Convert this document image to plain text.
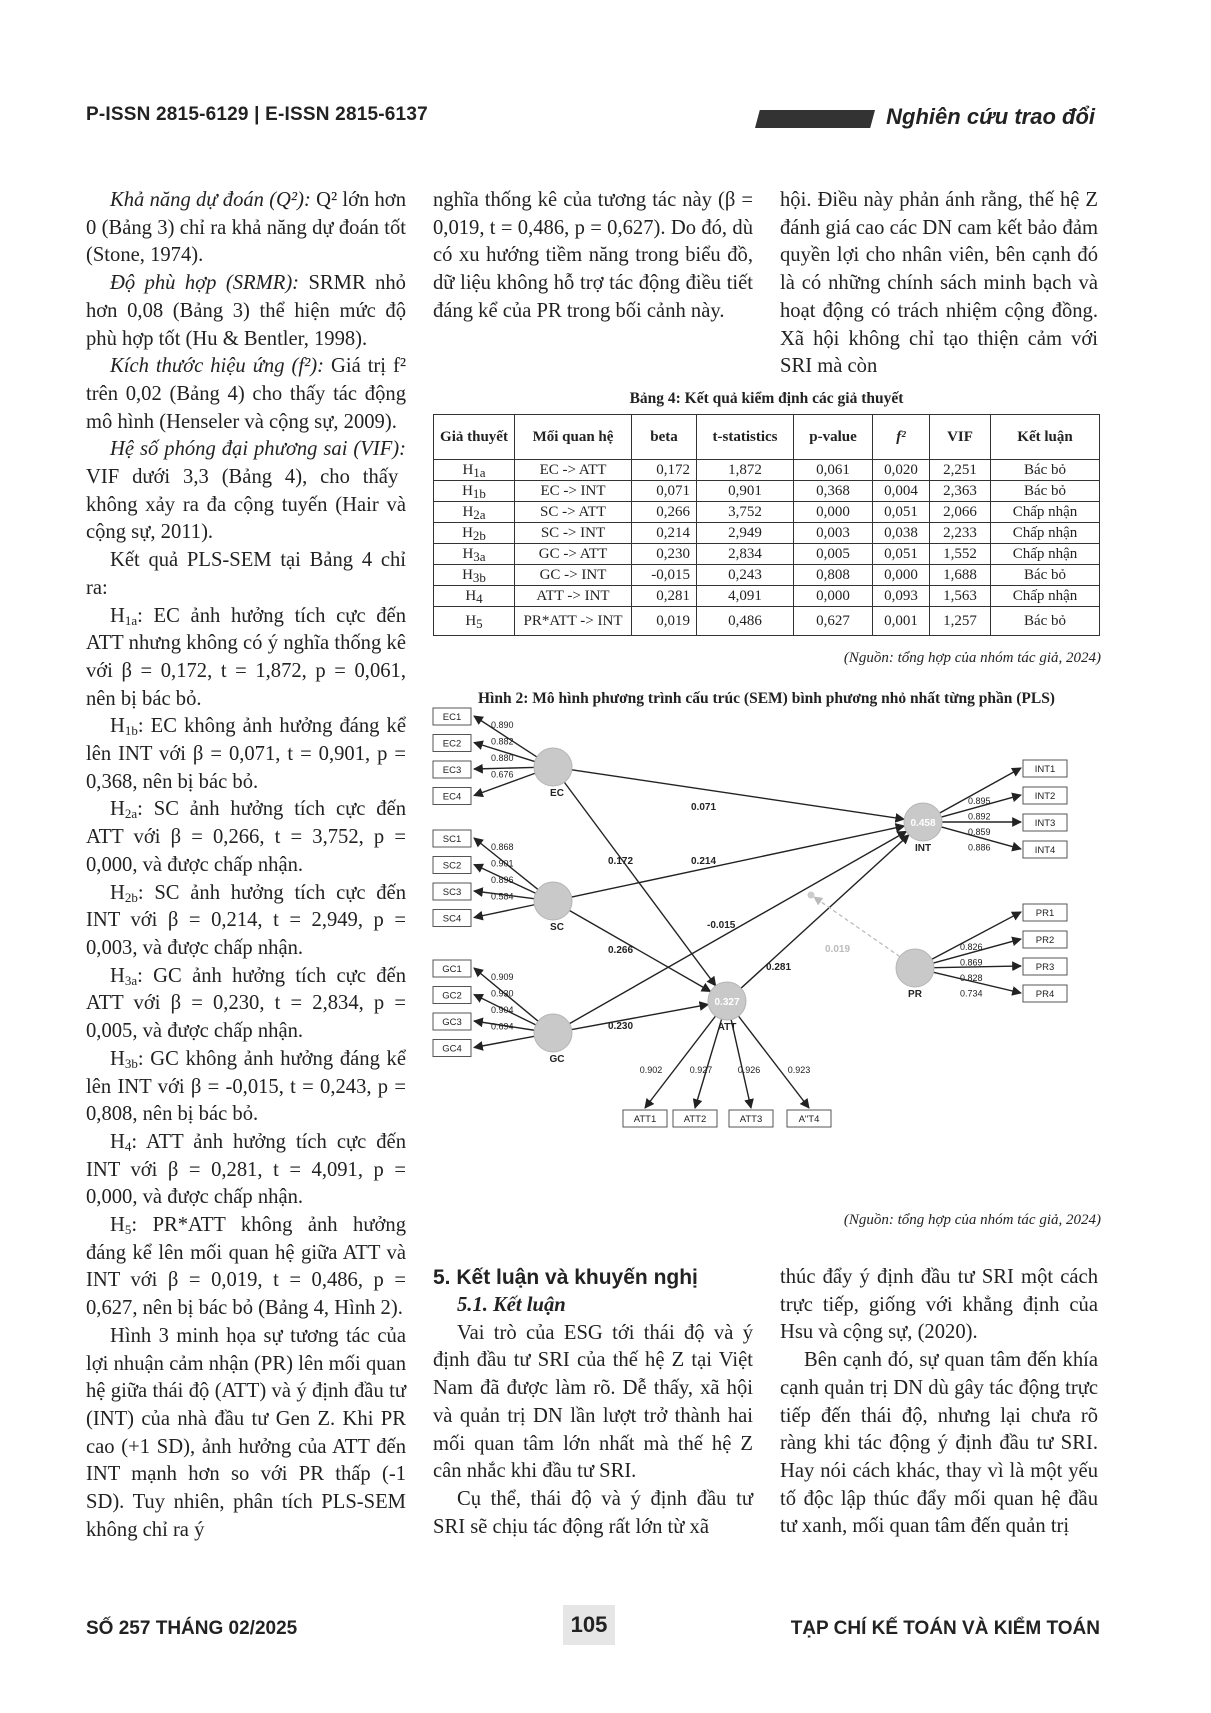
P-ISSN 2815-6129 | E-ISSN 2815-6137	Nghiên cứu trao đổi

Khả năng dự đoán (Q²): Q² lớn hơn 0 (Bảng 3) chỉ ra khả năng dự đoán tốt (Stone, 1974).

Độ phù hợp (SRMR): SRMR nhỏ hơn 0,08 (Bảng 3) thể hiện mức độ phù hợp tốt (Hu & Bentler, 1998).

Kích thước hiệu ứng (f²): Giá trị f² trên 0,02 (Bảng 4) cho thấy tác động mô hình (Henseler và cộng sự, 2009).

Hệ số phóng đại phương sai (VIF): VIF dưới 3,3 (Bảng 4), cho thấy không xảy ra đa cộng tuyến (Hair và cộng sự, 2011).

Kết quả PLS-SEM tại Bảng 4 chỉ ra:

$H_{1a}$: EC ảnh hưởng tích cực đến ATT nhưng không có ý nghĩa thống kê với β = 0,172, t = 1,872, p = 0,061, nên bị bác bỏ.

$H_{1b}$: EC không ảnh hưởng đáng kể lên INT với β = 0,071, t = 0,901, p = 0,368, nên bị bác bỏ.

$H_{2a}$: SC ảnh hưởng tích cực đến ATT với β = 0,266, t = 3,752, p = 0,000, và được chấp nhận.

$H_{2b}$: SC ảnh hưởng tích cực đến INT với β = 0,214, t = 2,949, p = 0,003, và được chấp nhận.

$H_{3a}$: GC ảnh hưởng tích cực đến ATT với β = 0,230, t = 2,834, p = 0,005, và được chấp nhận.

$H_{3b}$: GC không ảnh hưởng đáng kể lên INT với β = -0,015, t = 0,243, p = 0,808, nên bị bác bỏ.

$H_4$: ATT ảnh hưởng tích cực đến INT với β = 0,281, t = 4,091, p = 0,000, và được chấp nhận.

$H_5$: PR*ATT không ảnh hưởng đáng kể lên mối quan hệ giữa ATT và INT với β = 0,019, t = 0,486, p = 0,627, nên bị bác bỏ (Bảng 4, Hình 2).

Hình 3 minh họa sự tương tác của lợi nhuận cảm nhận (PR) lên mối quan hệ giữa thái độ (ATT) và ý định đầu tư (INT) của nhà đầu tư Gen Z. Khi PR cao (+1 SD), ảnh hưởng của ATT đến INT mạnh hơn so với PR thấp (-1 SD). Tuy nhiên, phân tích PLS-SEM không chỉ ra ý

nghĩa thống kê của tương tác này (β = 0,019, t = 0,486, p = 0,627). Do đó, dù có xu hướng tiềm năng trong biểu đồ, dữ liệu không hỗ trợ tác động điều tiết đáng kể của PR trong bối cảnh này.

hội. Điều này phản ánh rằng, thế hệ Z đánh giá cao các DN cam kết bảo đảm quyền lợi cho nhân viên, bên cạnh đó là có những chính sách minh bạch và hoạt động có trách nhiệm cộng đồng. Xã hội không chỉ tạo thiện cảm với SRI mà còn

Bảng 4: Kết quả kiểm định các giả thuyết
Giả thuyết	Mối quan hệ	beta	t-statistics	p-value	f²	VIF	Kết luận
$H_{1a}$	EC -> ATT	0,172	1,872	0,061	0,020	2,251	Bác bỏ
$H_{1b}$	EC -> INT	0,071	0,901	0,368	0,004	2,363	Bác bỏ
$H_{2a}$	SC -> ATT	0,266	3,752	0,000	0,051	2,066	Chấp nhận
$H_{2b}$	SC -> INT	0,214	2,949	0,003	0,038	2,233	Chấp nhận
$H_{3a}$	GC -> ATT	0,230	2,834	0,005	0,051	1,552	Chấp nhận
$H_{3b}$	GC -> INT	-0,015	0,243	0,808	0,000	1,688	Bác bỏ
$H_4$	ATT -> INT	0,281	4,091	0,000	0,093	1,563	Chấp nhận
$H_5$	PR*ATT -> INT	0,019	0,486	0,627	0,001	1,257	Bác bỏ
(Nguồn: tổng hợp của nhóm tác giả, 2024)
Hình 2: Mô hình phương trình cấu trúc (SEM) bình phương nhỏ nhất từng phần (PLS)
EC1
0.890
EC2	0.882
EC3
0.880
EC4
0.676
SC1
0.868
SC2	0.901
SC3
0.896
SC4
0.584
GC1
0.909
GC2	0.930
GC3
0.904
GC4
0.694
INT1
0.895	INT2
0.892
INT3
0.859
INT4
0.886
PR1
0.826
PR2
0.869	PR3
0.828
PR4
0.734
ATT1
0.902
ATT2
0.927
ATT3
0.926
A"T4
0.923
0.071
0.172	0.214
0.266
-0.015
0.230
0.281
0.019
EC
SC
GC
ATT
0.327
INT
0.458
PR
(Nguồn: tổng hợp của nhóm tác giả, 2024)

5. Kết luận và khuyến nghị

5.1. Kết luận

Vai trò của ESG tới thái độ và ý định đầu tư SRI của thế hệ Z tại Việt Nam đã được làm rõ. Dễ thấy, xã hội và quản trị DN lần lượt trở thành hai mối quan tâm lớn nhất mà thế hệ Z cân nhắc khi đầu tư SRI.

Cụ thể, thái độ và ý định đầu tư SRI sẽ chịu tác động rất lớn từ xã

thúc đẩy ý định đầu tư SRI một cách trực tiếp, giống với khẳng định của Hsu và cộng sự, (2020).

Bên cạnh đó, sự quan tâm đến khía cạnh quản trị DN dù gây tác động trực tiếp đến thái độ, nhưng lại chưa rõ ràng khi tác động ý định đầu tư SRI. Hay nói cách khác, thay vì là một yếu tố độc lập thúc đẩy mối quan hệ đầu tư xanh, mối quan tâm đến quản trị

SỐ 257 THÁNG 02/2025	105	TẠP CHÍ KẾ TOÁN VÀ KIỂM TOÁN
